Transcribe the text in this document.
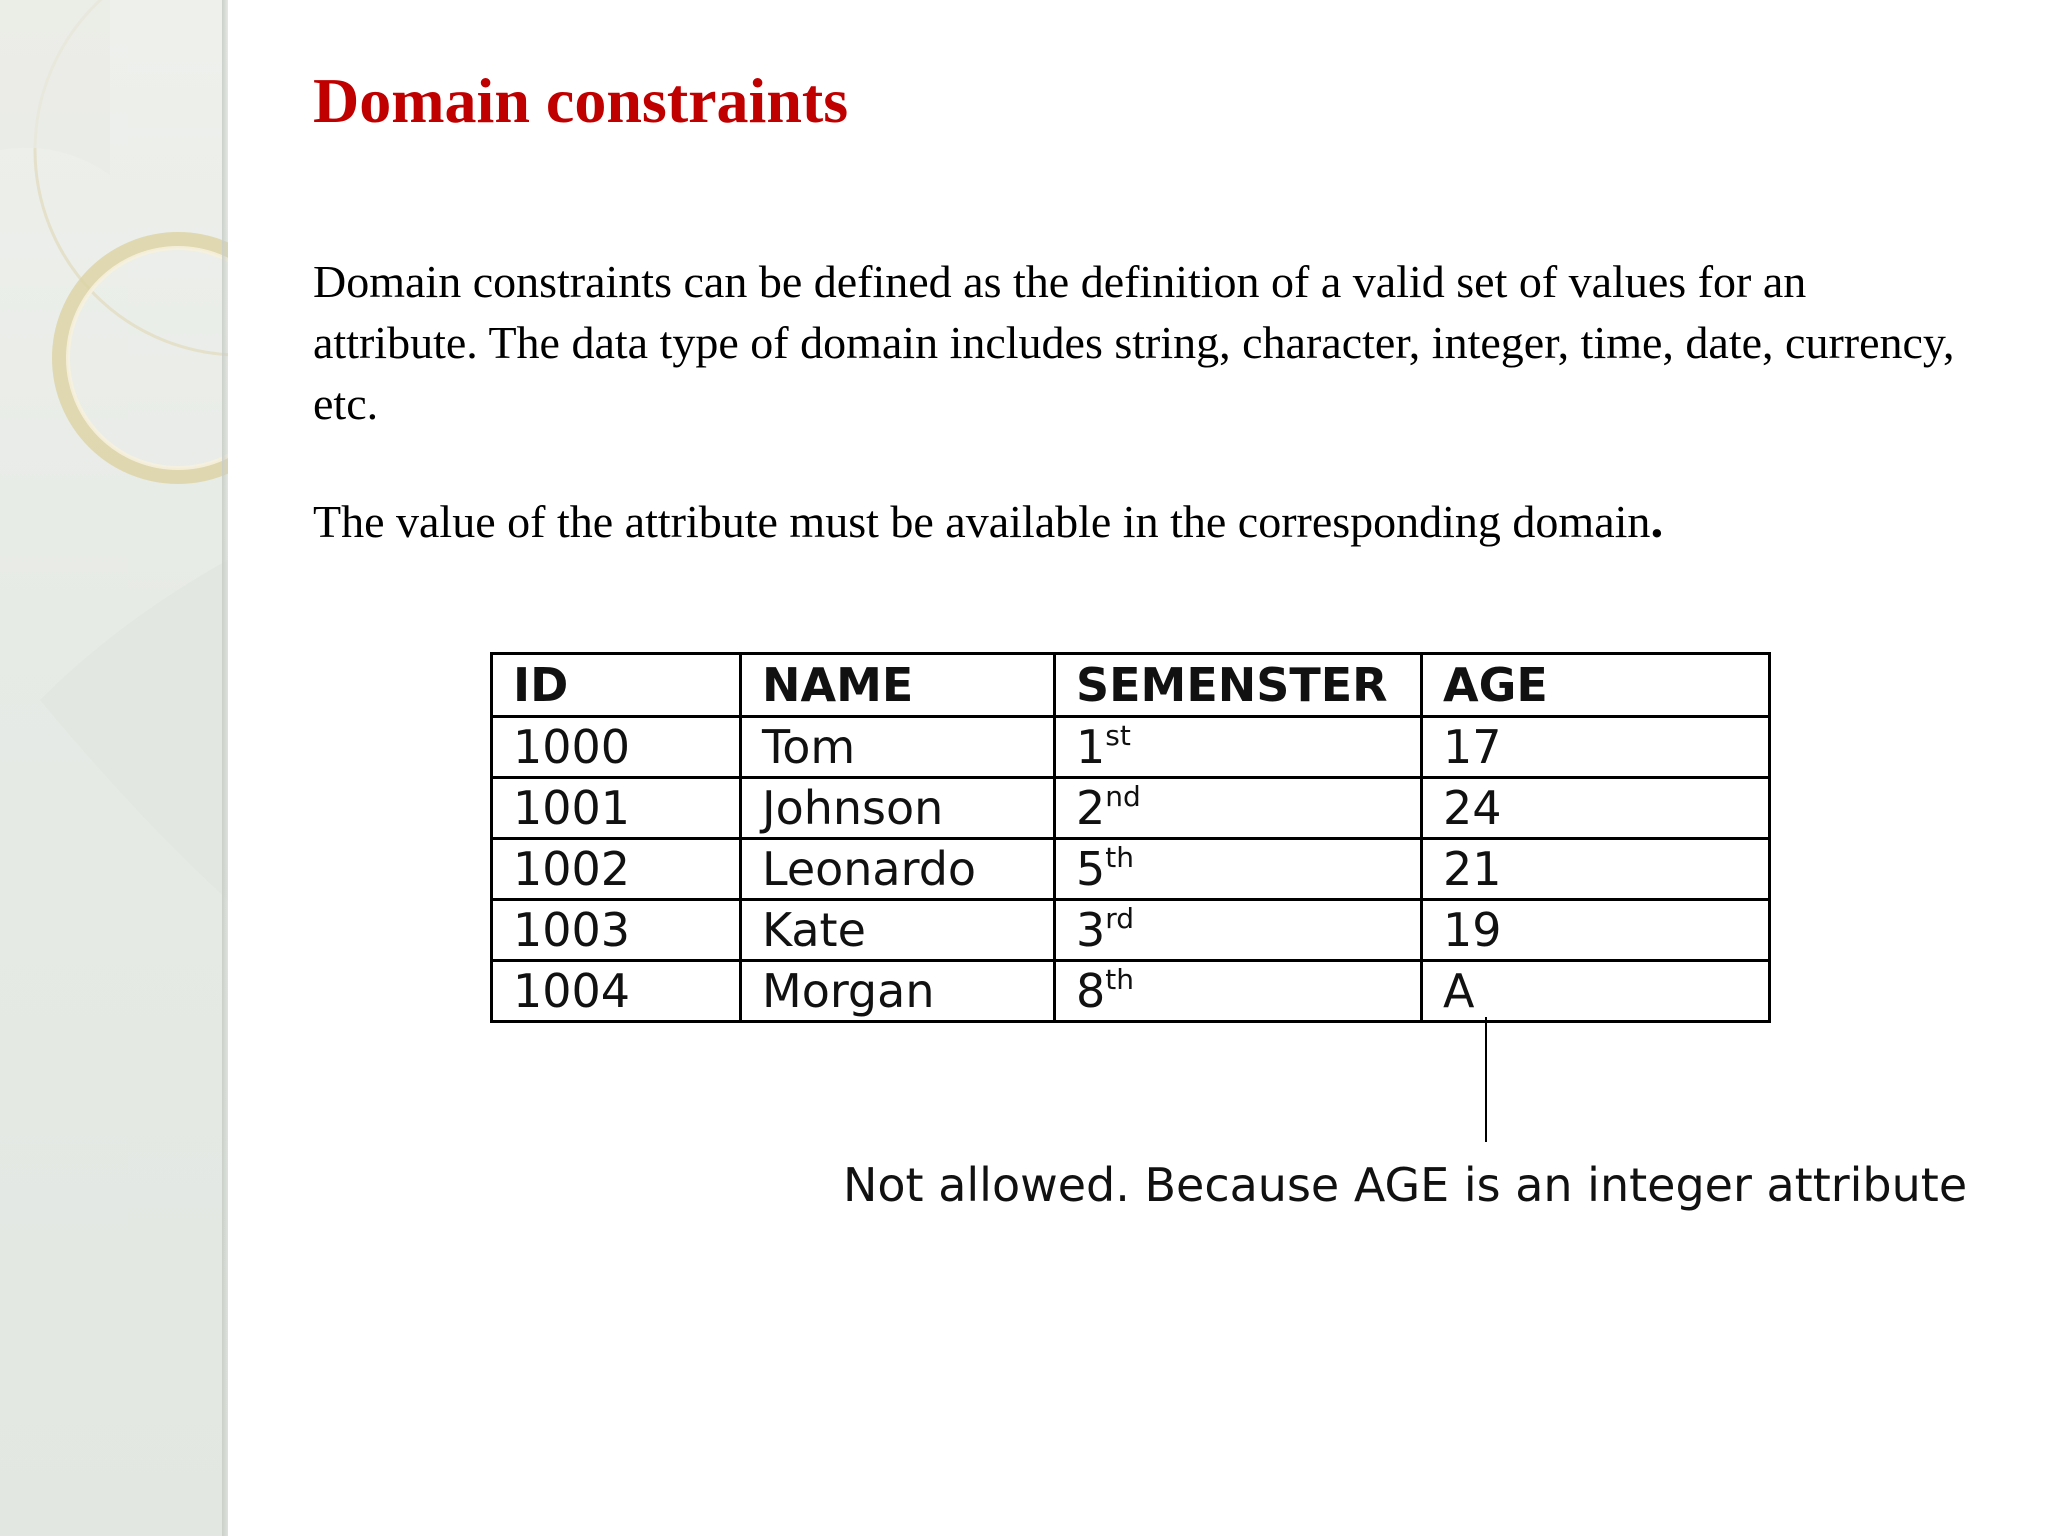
Domain constraints

Domain constraints can be defined as the definition of a valid set of values for an attribute. The data type of domain includes string, character, integer, time, date, currency, etc.

The value of the attribute must be available in the corresponding domain.

ID	NAME	SEMENSTER	AGE
1000	Tom	1st	17
1001	Johnson	2nd	24
1002	Leonardo	5th	21
1003	Kate	3rd	19
1004	Morgan	8th	A

Not allowed. Because AGE is an integer attribute
